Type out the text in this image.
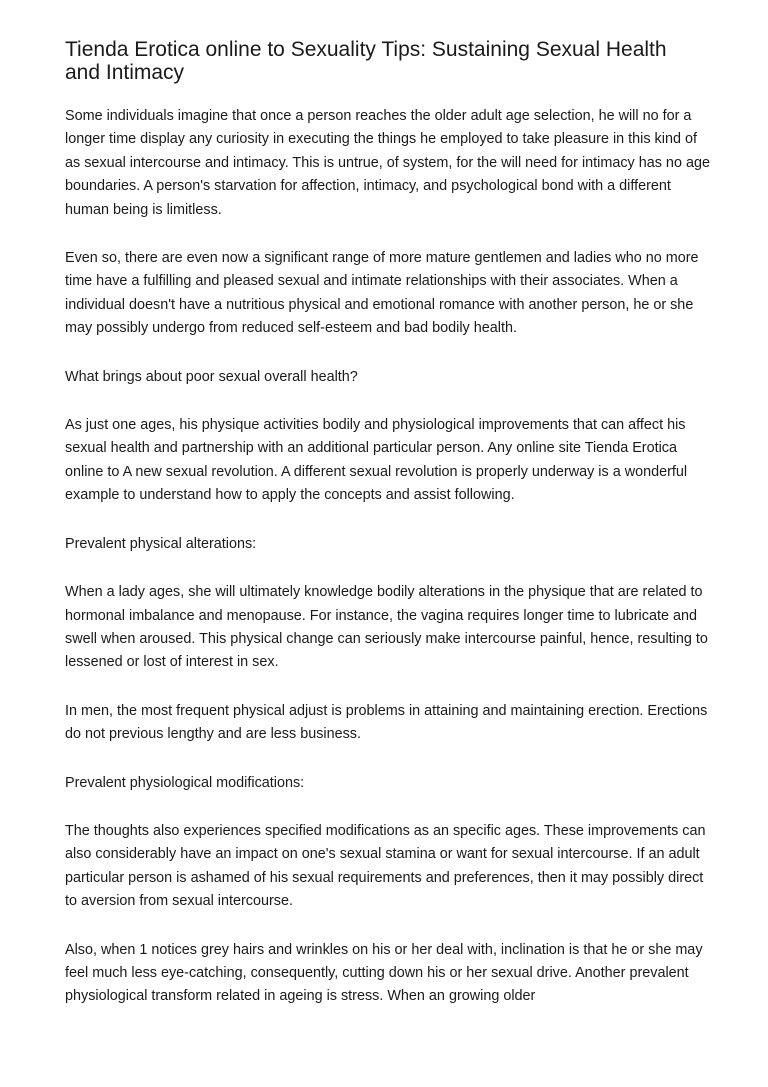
Tienda Erotica online to Sexuality Tips: Sustaining Sexual Health and Intimacy

Some individuals imagine that once a person reaches the older adult age selection, he will no for a longer time display any curiosity in executing the things he employed to take pleasure in this kind of as sexual intercourse and intimacy. This is untrue, of system, for the will need for intimacy has no age boundaries. A person's starvation for affection, intimacy, and psychological bond with a different human being is limitless.

Even so, there are even now a significant range of more mature gentlemen and ladies who no more time have a fulfilling and pleased sexual and intimate relationships with their associates. When a individual doesn't have a nutritious physical and emotional romance with another person, he or she may possibly undergo from reduced self-esteem and bad bodily health.

What brings about poor sexual overall health?

As just one ages, his physique activities bodily and physiological improvements that can affect his sexual health and partnership with an additional particular person. Any online site Tienda Erotica online to A new sexual revolution. A different sexual revolution is properly underway is a wonderful example to understand how to apply the concepts and assist following.

Prevalent physical alterations:

When a lady ages, she will ultimately knowledge bodily alterations in the physique that are related to hormonal imbalance and menopause. For instance, the vagina requires longer time to lubricate and swell when aroused. This physical change can seriously make intercourse painful, hence, resulting to lessened or lost of interest in sex.

In men, the most frequent physical adjust is problems in attaining and maintaining erection. Erections do not previous lengthy and are less business.

Prevalent physiological modifications:

The thoughts also experiences specified modifications as an specific ages. These improvements can also considerably have an impact on one's sexual stamina or want for sexual intercourse. If an adult particular person is ashamed of his sexual requirements and preferences, then it may possibly direct to aversion from sexual intercourse.

Also, when 1 notices grey hairs and wrinkles on his or her deal with, inclination is that he or she may feel much less eye-catching, consequently, cutting down his or her sexual drive. Another prevalent physiological transform related in ageing is stress. When an growing older
